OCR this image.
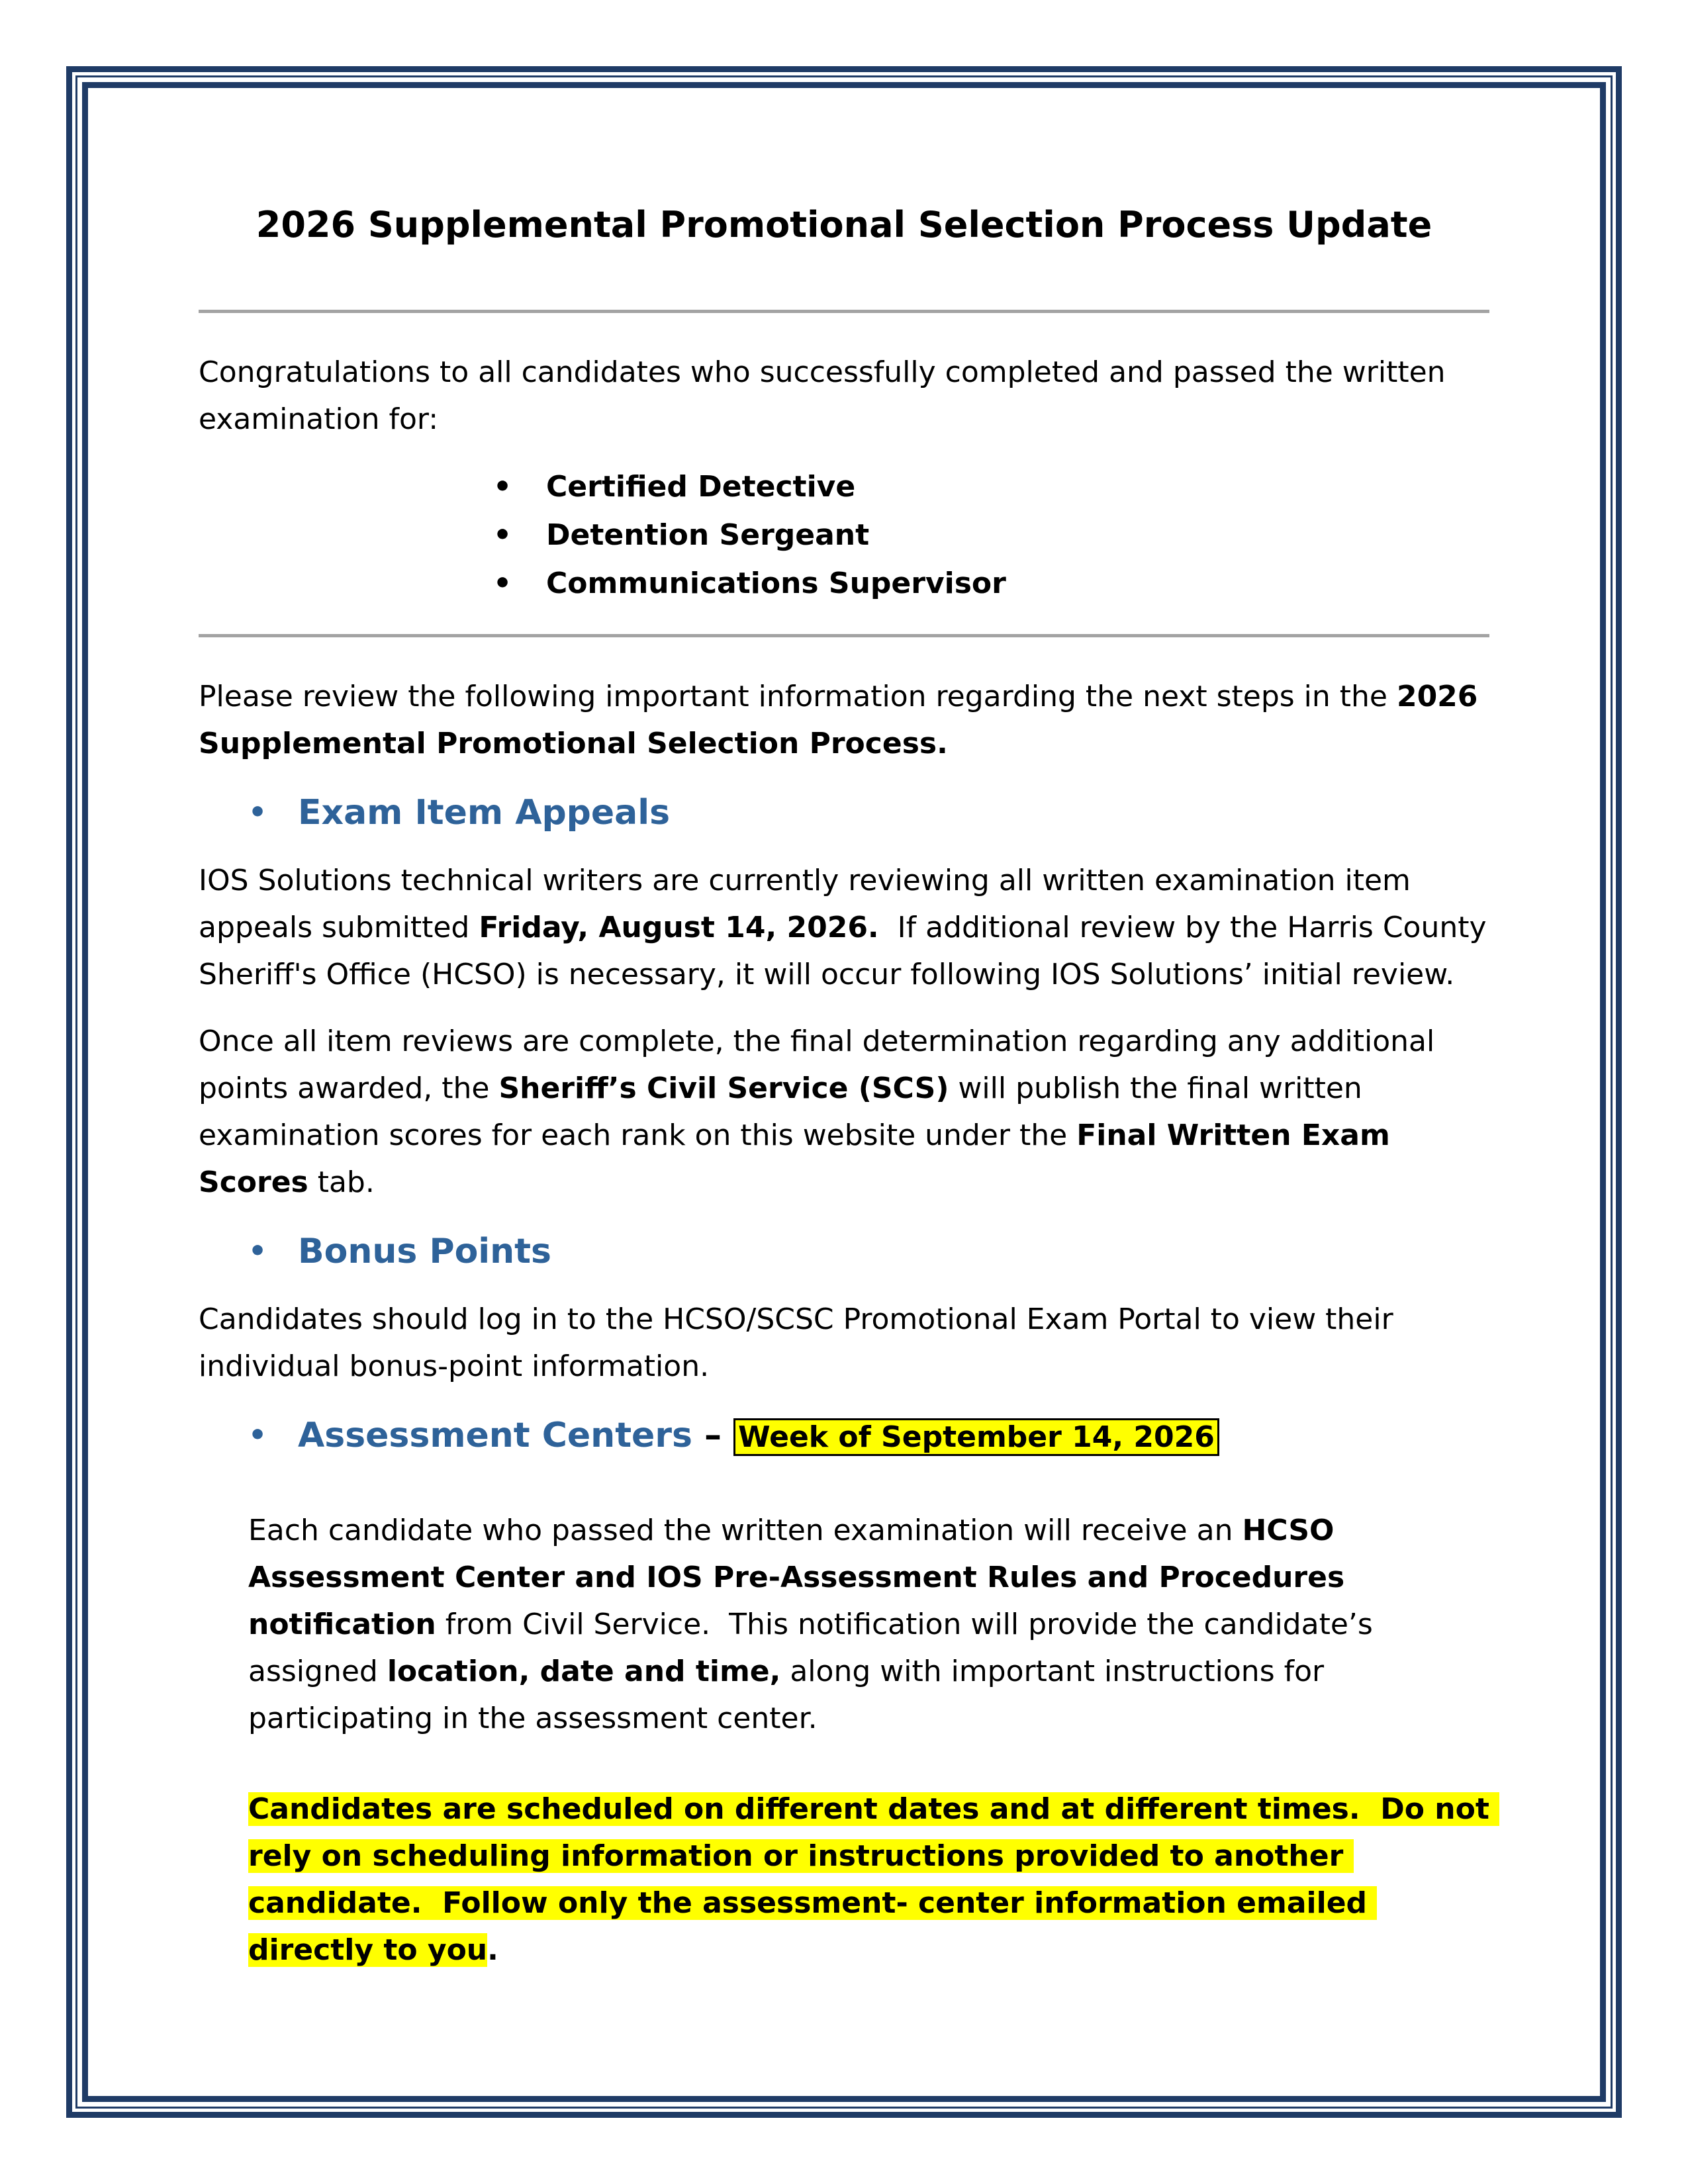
2026 Supplemental Promotional Selection Process Update

Congratulations to all candidates who successfully completed and passed the written examination for:

• Certified Detective
• Detention Sergeant
• Communications Supervisor

Please review the following important information regarding the next steps in the 2026 Supplemental Promotional Selection Process.

• Exam Item Appeals

IOS Solutions technical writers are currently reviewing all written examination item appeals submitted Friday, August 14, 2026.  If additional review by the Harris County Sheriff's Office (HCSO) is necessary, it will occur following IOS Solutions’ initial review.

Once all item reviews are complete, the final determination regarding any additional points awarded, the Sheriff’s Civil Service (SCS) will publish the final written examination scores for each rank on this website under the Final Written Exam Scores tab.

• Bonus Points

Candidates should log in to the HCSO/SCSC Promotional Exam Portal to view their individual bonus-point information.

• Assessment Centers – Week of September 14, 2026

Each candidate who passed the written examination will receive an HCSO Assessment Center and IOS Pre-Assessment Rules and Procedures notification from Civil Service.  This notification will provide the candidate’s assigned location, date and time, along with important instructions for participating in the assessment center.

Candidates are scheduled on different dates and at different times.  Do not rely on scheduling information or instructions provided to another candidate.  Follow only the assessment- center information emailed directly to you.
